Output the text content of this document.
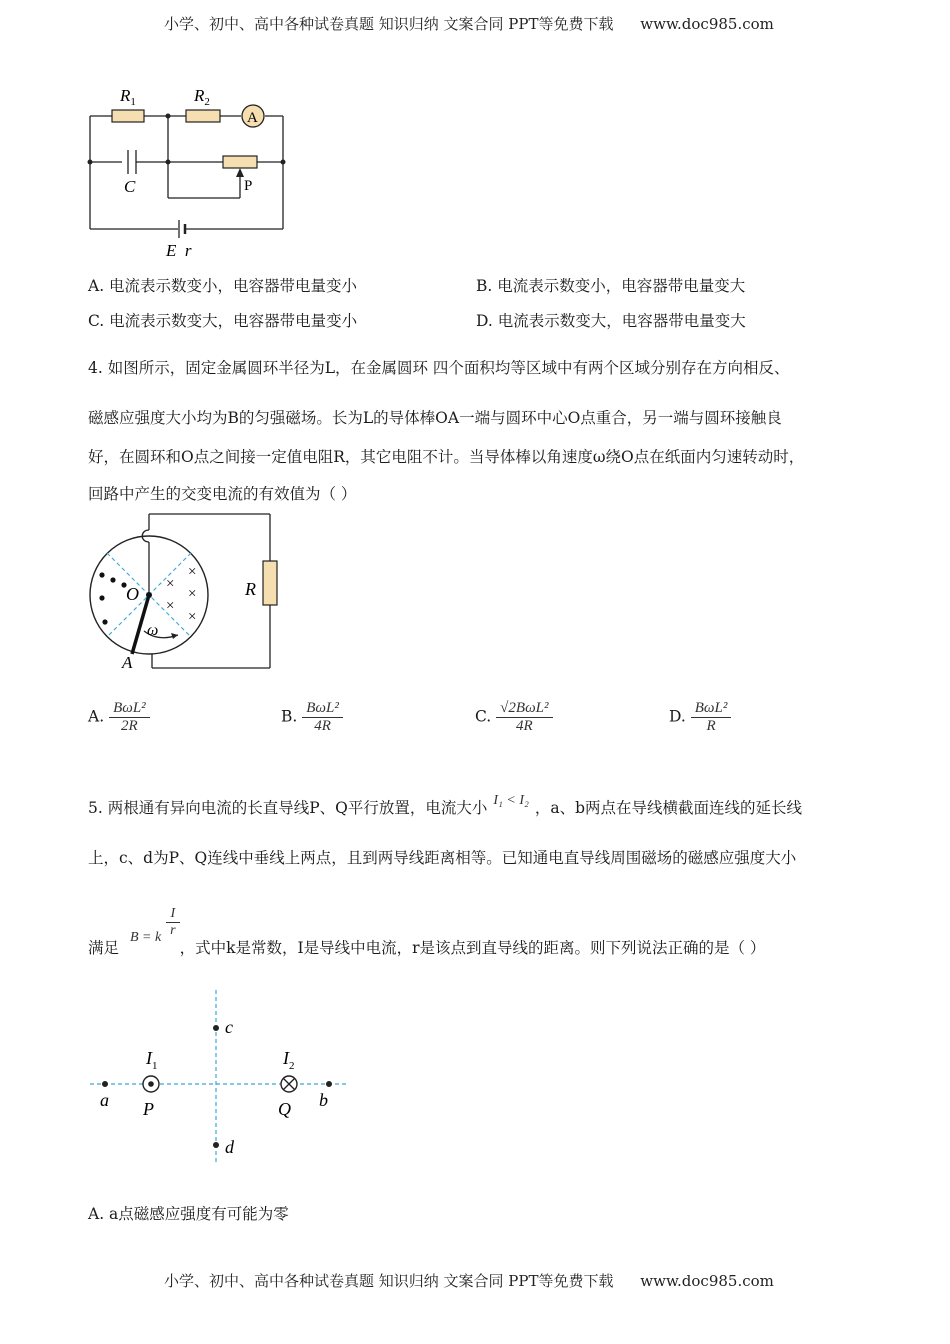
小学、初中、高中各种试卷真题 知识归纳 文案合同 PPT等免费下载 www.doc985.com
$R_1$	$R_2$
A
C	P
E  r
A. 电流表示数变小，电容器带电量变小	B. 电流表示数变小，电容器带电量变大
C. 电流表示数变大，电容器带电量变小	D. 电流表示数变大，电容器带电量变大
4. 如图所示，固定金属圆环半径为L，在金属圆环 四个面积均等区域中有两个区域分别存在方向相反、
磁感应强度大小均为B的匀强磁场。长为L的导体棒OA一端与圆环中心O点重合，另一端与圆环接触良
好，在圆环和O点之间接一定值电阻R，其它电阻不计。当导体棒以角速度ω绕O点在纸面内匀速转动时，
回路中产生的交变电流的有效值为（ ）
×
×
×
×
×
O
A
R
ω
A. $\frac{\text{BωL²}}{2R}$	B. $\frac{\text{BωL²}}{4R}$	C. $\frac{\text{√2BωL²}}{4R}$	D. $\frac{\text{BωL²}}{R}$
5. 两根通有异向电流的长直导线P、Q平行放置，电流大小 I₁ < I₂ ，a、b两点在导线横截面连线的延长线
上，c、d为P、Q连线中垂线上两点，且到两导线距离相等。已知通电直导线周围磁场的磁感应强度大小
满足 B = k $\frac{I}{r}$
，式中k是常数，I是导线中电流，r是该点到直导线的距离。则下列说法正确的是（ ）
a	b
c
d
P	Q
$I_1$	$I_2$
A. a点磁感应强度有可能为零
小学、初中、高中各种试卷真题 知识归纳 文案合同 PPT等免费下载 www.doc985.com
